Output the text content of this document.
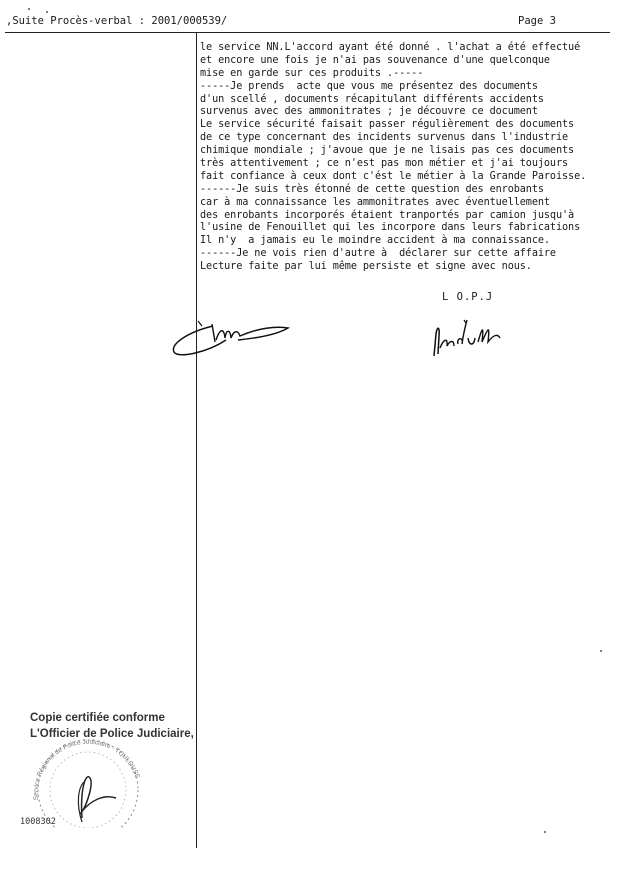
,Suite Procès-verbal : 2001/000539/	Page 3
le service NN.L'accord ayant été donné . l'achat a été effectué
et encore une fois je n'ai pas souvenance d'une quelconque
mise en garde sur ces produits .-----
-----Je prends  acte que vous me présentez des documents
d'un scellé , documents récapitulant différents accidents
survenus avec des ammonitrates ; je découvre ce document
Le service sécurité faisait passer régulièrement des documents
de ce type concernant des incidents survenus dans l'industrie
chimique mondiale ; j'avoue que je ne lisais pas ces documents
très attentivement ; ce n'est pas mon métier et j'ai toujours
fait confiance à ceux dont c'ést le métier à la Grande Paroisse.
------Je suis très étonné de cette question des enrobants
car à ma connaissance les ammonitrates avec éventuellement
des enrobants incorporés étaient tranportés par camion jusqu'à
l'usine de Fenouillet qui les incorpore dans leurs fabrications
Il n'y  a jamais eu le moindre accident à ma connaissance.
------Je ne vois rien d'autre à  déclarer sur cette affaire
Lecture faite par lui même persiste et signe avec nous.
L O.P.J
Copie certifiée conforme
L'Officier de Police Judiciaire,
Service Régional de Police Judiciaire · TOULOUSE
1008302
